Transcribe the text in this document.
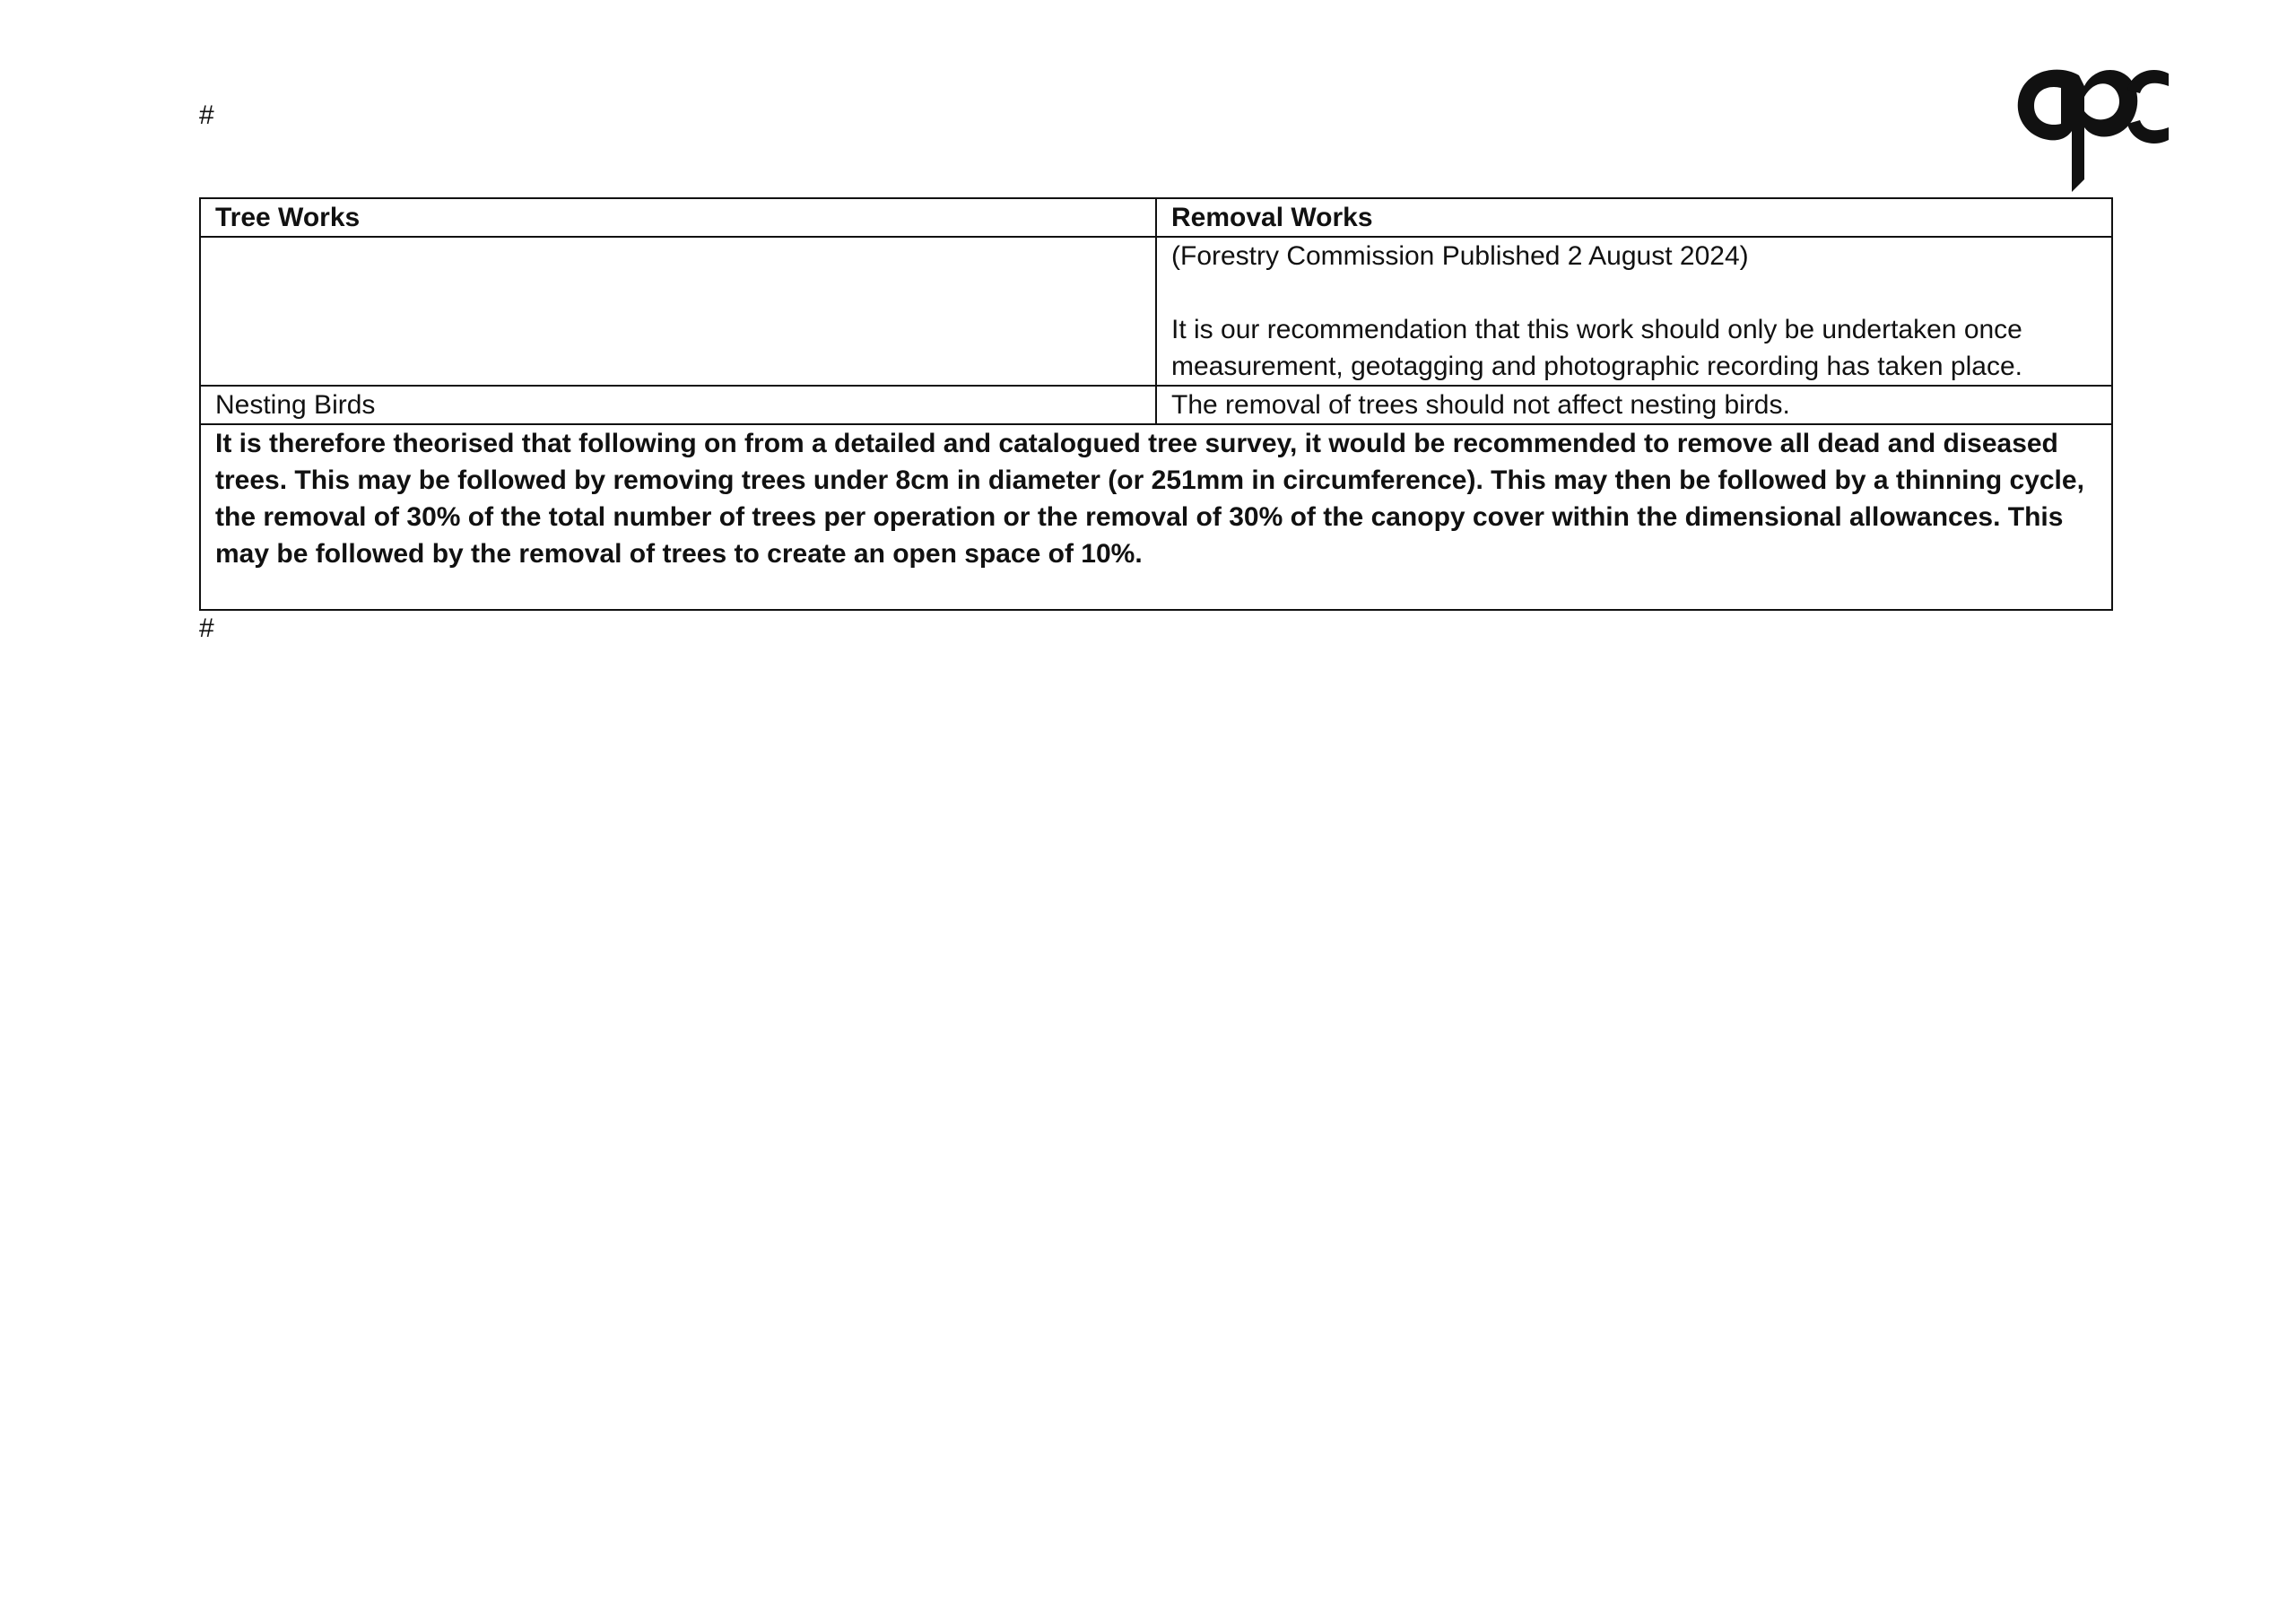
#
Tree Works	Removal Works

	(Forestry Commission Published 2 August 2024)
It is our recommendation that this work should only be undertaken once measurement, geotagging and photographic recording has taken place.

Nesting Birds	The removal of trees should not affect nesting birds.

It is therefore theorised that following on from a detailed and catalogued tree survey, it would be recommended to remove all dead and diseased trees. This may be followed by removing trees under 8cm in diameter (or 251mm in circumference). This may then be followed by a thinning cycle, the removal of 30% of the total number of trees per operation or the removal of 30% of the canopy cover within the dimensional allowances. This may be followed by the removal of trees to create an open space of 10%.	
#
